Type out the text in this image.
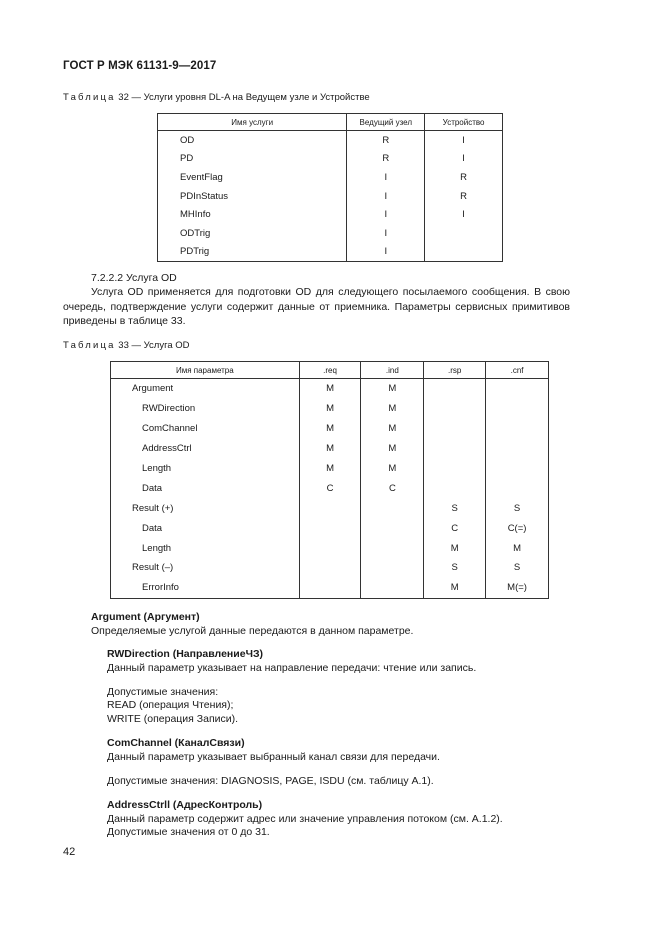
ГОСТ Р МЭК 61131-9—2017
Таблица 32 — Услуги уровня DL-A на Ведущем узле и Устройстве
Имя услуги	Ведущий узел	Устройство
OD	R	I
PD	R	I
EventFlag	I	R
PDInStatus	I	R
MHInfo	I	I
ODTrig	I	
PDTrig	I	
7.2.2.2 Услуга OD
Услуга OD применяется для подготовки OD для следующего посылаемого сообщения. В свою очередь, подтверждение услуги содержит данные от приемника. Параметры сервисных примитивов приведены в таблице 33.
Таблица 33 — Услуга OD
Имя параметра	.req	.ind	.rsp	.cnf
Argument	M	M		
RWDirection	M	M		
ComChannel	M	M		
AddressCtrl	M	M		
Length	M	M		
Data	C	C		
Result (+)			S	S
Data			C	C(=)
Length			M	M
Result (–)			S	S
ErrorInfo			M	M(=)
Argument (Аргумент)
Определяемые услугой данные передаются в данном параметре.
RWDirection (НаправлениеЧЗ)
Данный параметр указывает на направление передачи: чтение или запись.
Допустимые значения:
READ (операция Чтения);
WRITE (операция Записи).
ComChannel (КаналСвязи)
Данный параметр указывает выбранный канал связи для передачи.
Допустимые значения: DIAGNOSIS, PAGE, ISDU (см. таблицу A.1).
AddressCtrll (АдресКонтроль)
Данный параметр содержит адрес или значение управления потоком (см. A.1.2).
Допустимые значения от 0 до 31.
42
